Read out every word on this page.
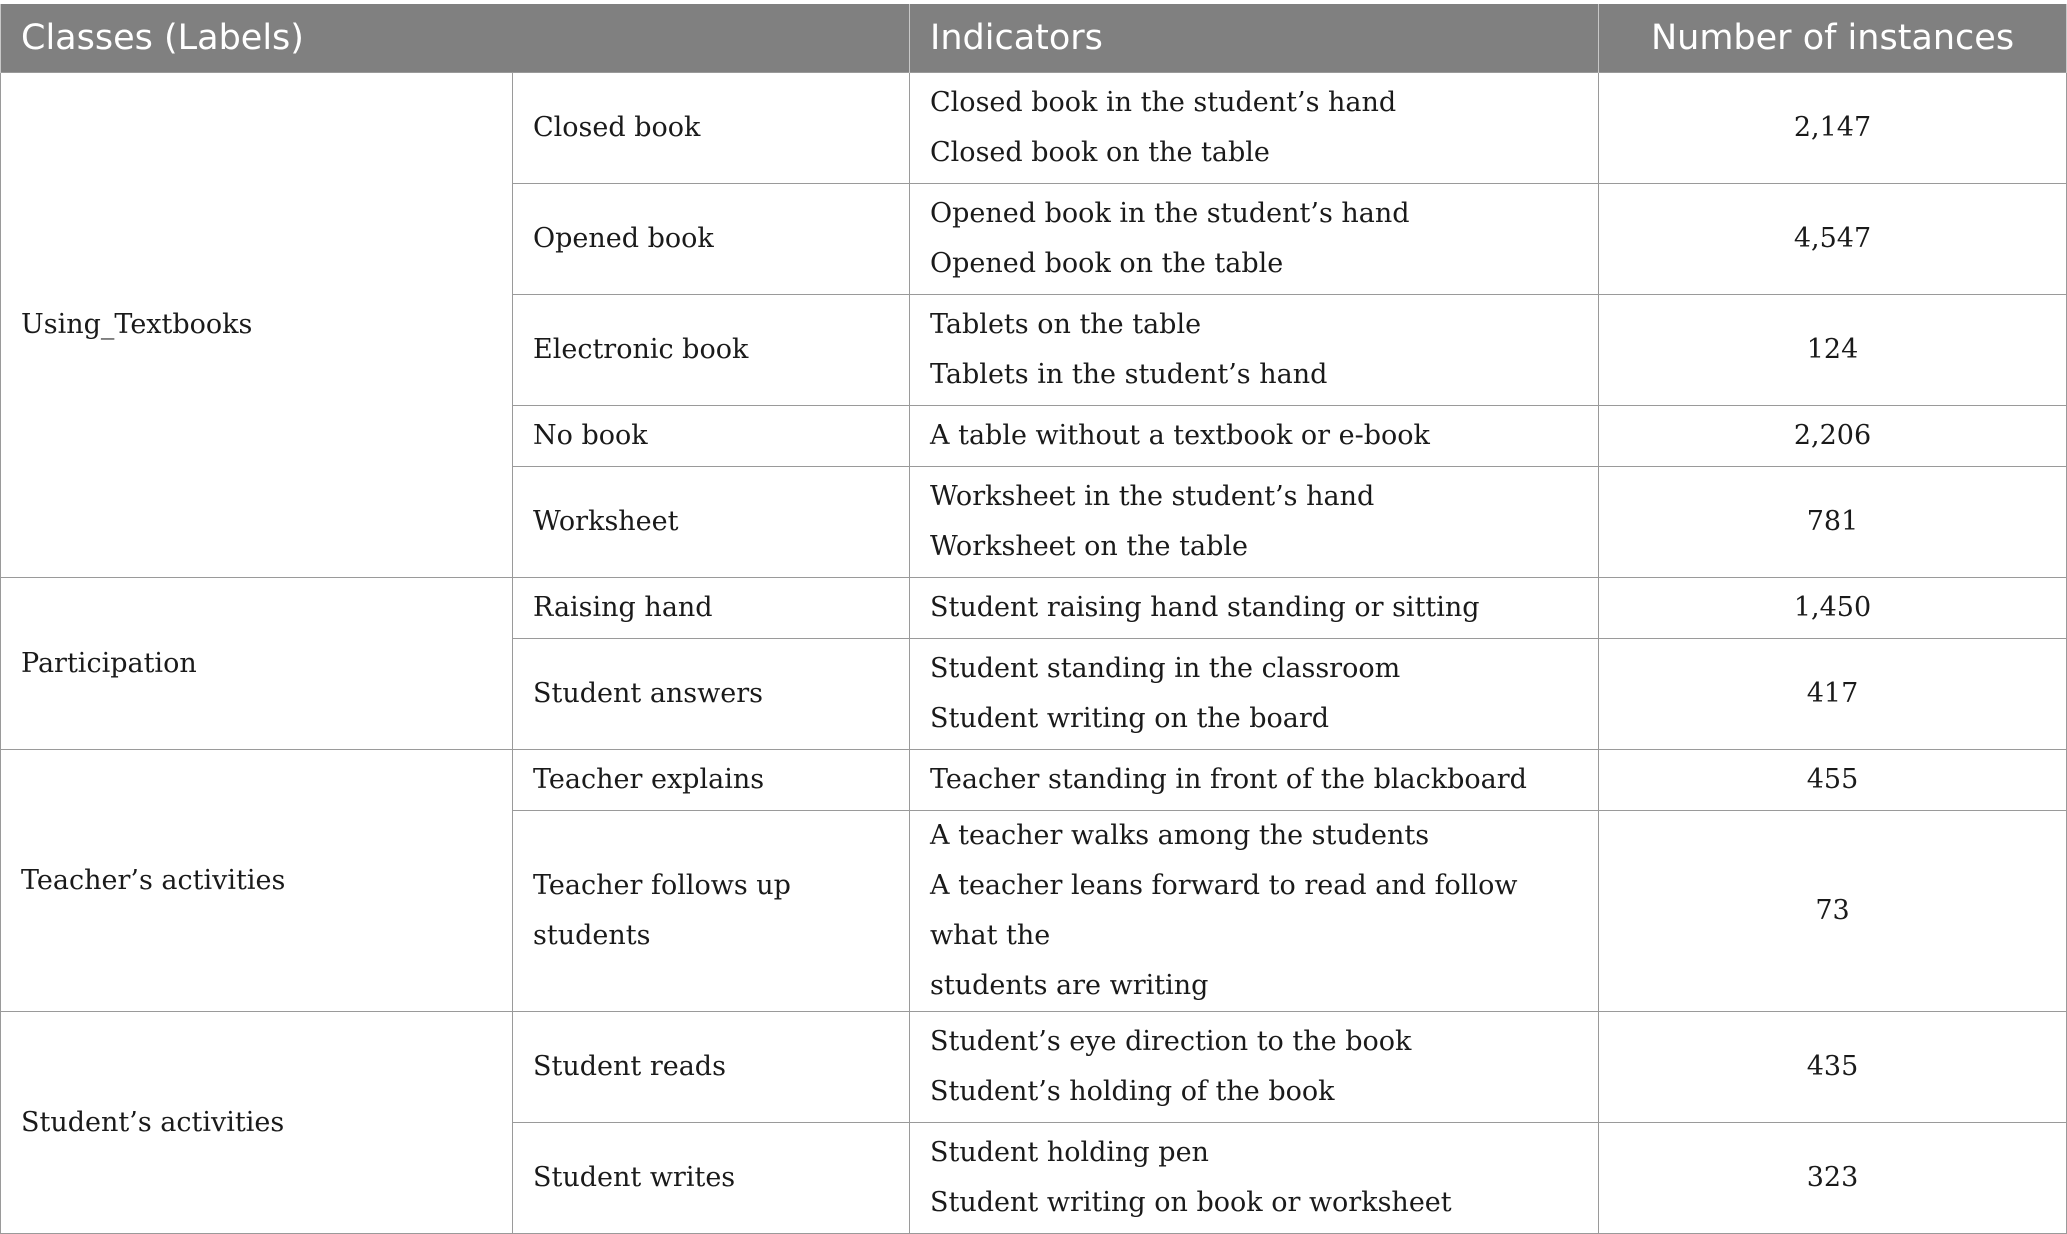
Classes (Labels)		Indicators	Number of instances
Using_Textbooks	Closed book	Closed book in the student’s hand
Closed book on the table	2,147
	Opened book	Opened book in the student’s hand
Opened book on the table	4,547
	Electronic book	Tablets on the table
Tablets in the student’s hand	124
	No book	A table without a textbook or e-book	2,206
	Worksheet	Worksheet in the student’s hand
Worksheet on the table	781
Participation	Raising hand	Student raising hand standing or sitting	1,450
	Student answers	Student standing in the classroom
Student writing on the board	417
Teacher’s activities	Teacher explains	Teacher standing in front of the blackboard	455
	Teacher follows up students	A teacher walks among the students
A teacher leans forward to read and follow what the
students are writing	73
Student’s activities	Student reads	Student’s eye direction to the book
Student’s holding of the book	435
	Student writes	Student holding pen
Student writing on book or worksheet	323
